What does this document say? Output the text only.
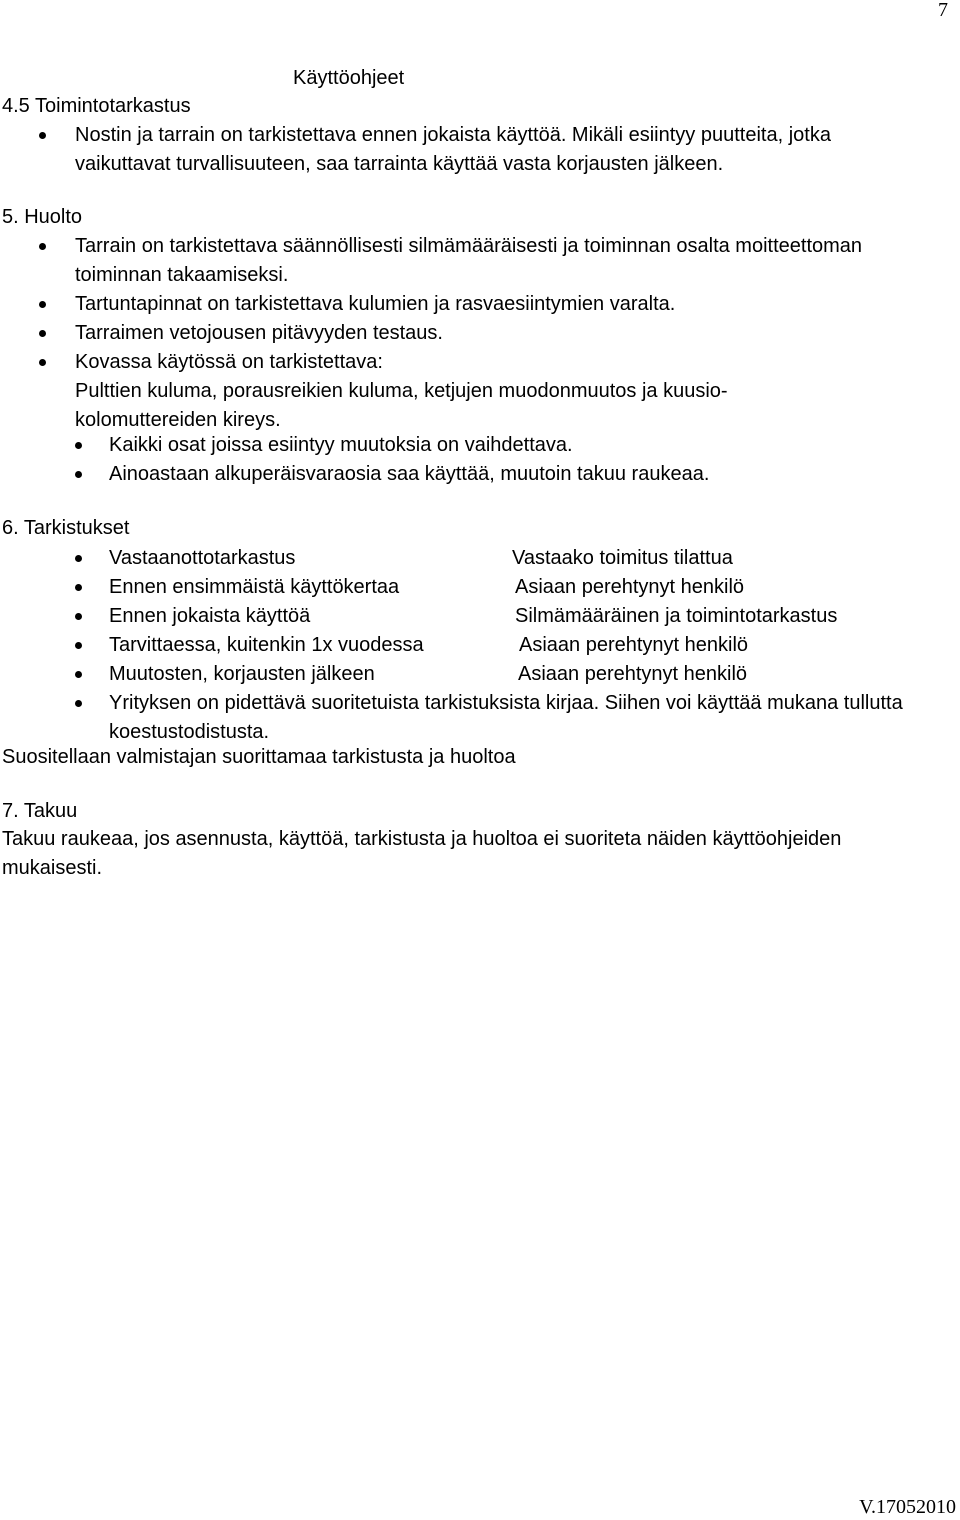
7
Käyttöohjeet
4.5 Toimintotarkastus
Nostin ja tarrain on tarkistettava ennen jokaista käyttöä. Mikäli esiintyy puutteita, jotka vaikuttavat turvallisuuteen, saa tarrainta käyttää vasta korjausten jälkeen.
5. Huolto
Tarrain on tarkistettava säännöllisesti silmämääräisesti ja toiminnan osalta moitteettoman toiminnan takaamiseksi.
Tartuntapinnat on tarkistettava kulumien ja rasvaesiintymien varalta.
Tarraimen vetojousen pitävyyden testaus.
Kovassa käytössä on tarkistettava:
Pulttien kuluma, porausreikien kuluma, ketjujen muodonmuutos ja kuusio-kolomuttereiden kireys.
Kaikki osat joissa esiintyy muutoksia on vaihdettava.
Ainoastaan alkuperäisvaraosia saa käyttää, muutoin takuu raukeaa.
6. Tarkistukset
Vastaanottotarkastus	Vastaako toimitus tilattua
Ennen ensimmäistä käyttökertaa	Asiaan perehtynyt henkilö
Ennen jokaista käyttöä	Silmämääräinen ja toimintotarkastus
Tarvittaessa, kuitenkin 1x vuodessa	Asiaan perehtynyt henkilö
Muutosten, korjausten jälkeen	Asiaan perehtynyt henkilö
Yrityksen on pidettävä suoritetuista tarkistuksista kirjaa. Siihen voi käyttää mukana tullutta koestustodistusta.
Suositellaan valmistajan suorittamaa tarkistusta ja huoltoa
7. Takuu
Takuu raukeaa, jos asennusta, käyttöä, tarkistusta ja huoltoa ei suoriteta näiden käyttöohjeiden mukaisesti.
V.17052010
